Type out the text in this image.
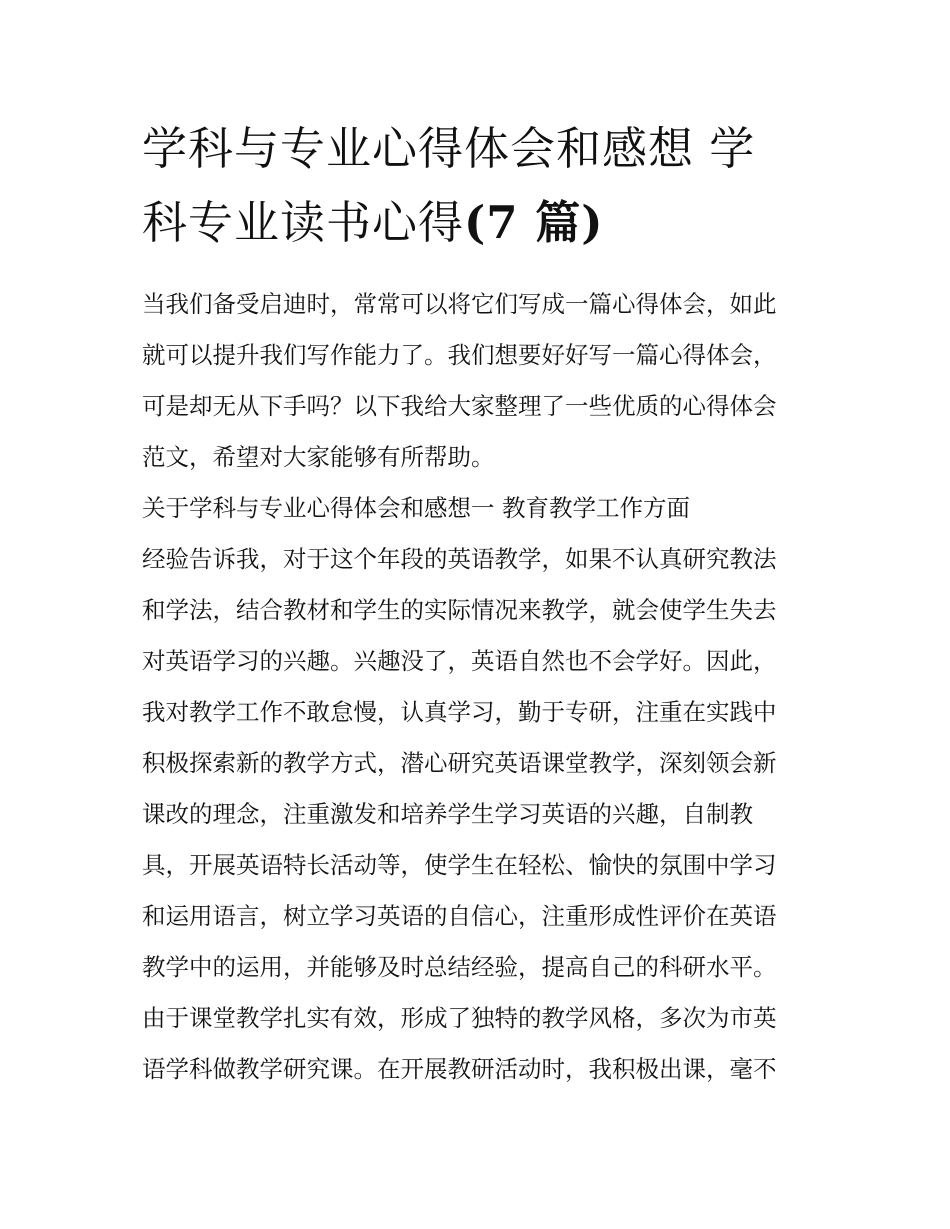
学科与专业心得体会和感想 学
科专业读书心得(7 篇)
当我们备受启迪时，常常可以将它们写成一篇心得体会，如此
就可以提升我们写作能力了。我们想要好好写一篇心得体会，
可是却无从下手吗？以下我给大家整理了一些优质的心得体会
范文，希望对大家能够有所帮助。
关于学科与专业心得体会和感想一 教育教学工作方面
经验告诉我，对于这个年段的英语教学，如果不认真研究教法
和学法，结合教材和学生的实际情况来教学，就会使学生失去
对英语学习的兴趣。兴趣没了，英语自然也不会学好。因此，
我对教学工作不敢怠慢，认真学习，勤于专研，注重在实践中
积极探索新的教学方式，潜心研究英语课堂教学，深刻领会新
课改的理念，注重激发和培养学生学习英语的兴趣，自制教
具，开展英语特长活动等，使学生在轻松、愉快的氛围中学习
和运用语言，树立学习英语的自信心，注重形成性评价在英语
教学中的运用，并能够及时总结经验，提高自己的科研水平。
由于课堂教学扎实有效，形成了独特的教学风格，多次为市英
语学科做教学研究课。在开展教研活动时，我积极出课，毫不
